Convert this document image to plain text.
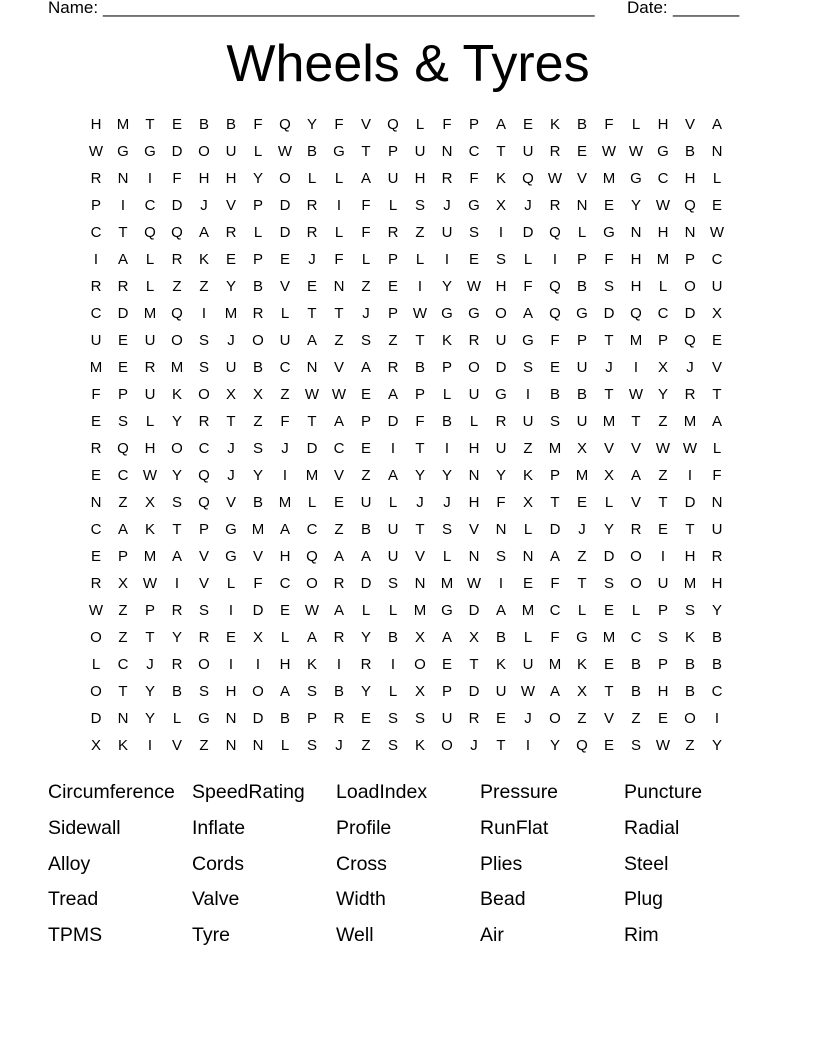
Name: ____________________________________________________ Date: _______
Wheels & Tyres
H	M	T	E	B	B	F	Q	Y	F	V	Q	L	F	P	A	E	K	B	F	L	H	V	A
W G	G	D	O	U	L	W B	G	T	P	U	N	C	T	U	R	E W W G	B	N
R	N	I	F	H	H	Y	O	L	L	A	U	H	R	F	K	Q W V	M G	C	H	L
P	I	C	D	J	V	P	D	R	I	F	L	S	J	G	X	J	R	N	E	Y W Q	E
C	T	Q	Q	A	R	L	D	R	L	F	R	Z	U	S	I	D	Q	L	G	N	H	N W
I	A	L	R	K	E	P	E	J	F	L	P	L	I	E	S	L	I	P	F	H	M	P	C
R	R	L	Z	Z	Y	B	V	E	N	Z	E	I	Y W H	F	Q	B	S	H	L	O	U
C	D	M Q	I	M	R	L	T	T	J	P W G	G	O	A	Q	G	D	Q	C	D	X
U	E	U	O	S	J	O	U	A	Z	S	Z	T	K	R	U	G	F	P	T	M	P	Q	E
M	E	R	M	S	U	B	C	N	V	A	R	B	P	O	D	S	E	U	J	I	X	J	V
F	P	U	K	O	X	X	Z	W W E	A	P	L	U	G	I	B	B	T	W Y	R	T
E	S	L	Y	R	T	Z	F	T	A	P	D	F	B	L	R	U	S	U	M	T	Z	M	A
R	Q	H	O	C	J	S	J	D	C	E	I	T	I	H	U	Z	M	X	V	V W W	L
E	C W Y	Q	J	Y	I	M	V	Z	A	Y	Y	N	Y	K	P	M	X	A	Z	I	F
N	Z	X	S	Q	V	B	M	L	E	U	L	J	J	H	F	X	T	E	L	V	T	D	N
C	A	K	T	P	G M	A	C	Z	B	U	T	S	V	N	L	D	J	Y	R	E	T	U
E	P	M	A	V	G	V	H	Q	A	A	U	V	L	N	S	N	A	Z	D	O	I	H	R
R	X W	I	V	L	F	C	O	R	D	S	N	M W	I	E	F	T	S	O	U	M	H
W	Z	P	R	S	I	D	E W A	L	L	M G	D	A	M	C	L	E	L	P	S	Y
O	Z	T	Y	R	E	X	L	A	R	Y	B	X	A	X	B	L	F	G M	C	S	K	B
L	C	J	R	O	I	I	H	K	I	R	I	O	E	T	K	U	M	K	E	B	P	B	B
O	T	Y	B	S	H	O	A	S	B	Y	L	X	P	D	U W A	X	T	B	H	B	C
D	N	Y	L	G	N	D	B	P	R	E	S	S	U	R	E	J	O	Z	V	Z	E	O	I
X	K	I	V	Z	N	N	L	S	J	Z	S	K	O	J	T	I	Y	Q	E	S W	Z	Y
Circumference SpeedRating LoadIndex	Pressure	Puncture
Sidewall	Inflate	Profile	RunFlat	Radial
Alloy	Cords	Cross	Plies	Steel
Tread	Valve	Width	Bead	Plug
TPMS	Tyre	Well	Air	Rim
